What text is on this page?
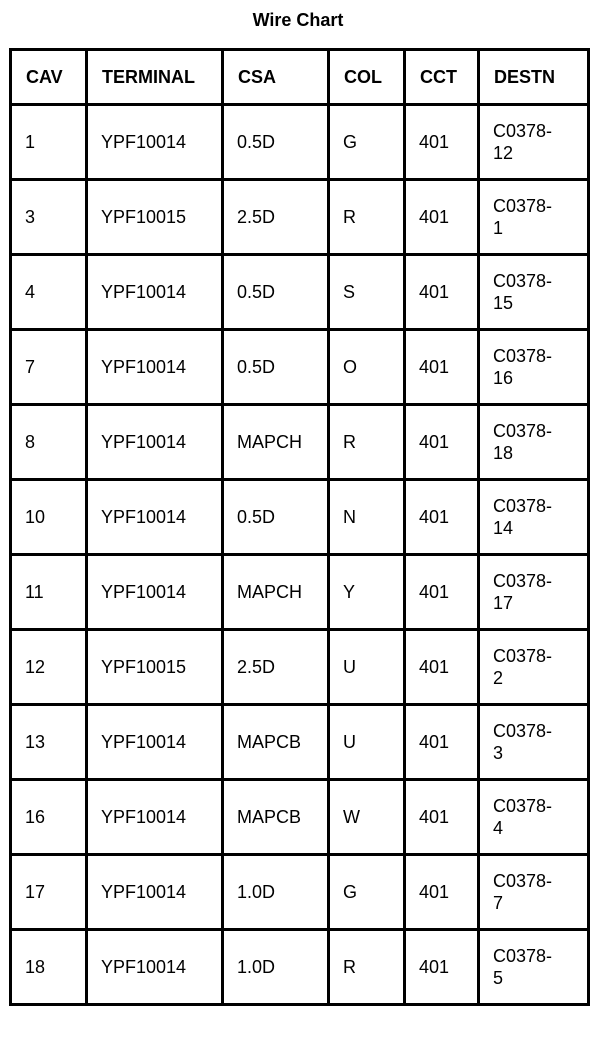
Wire Chart
CAV	TERMINAL	CSA	COL	CCT	DESTN
1	YPF10014	0.5D	G	401	C0378-
12
3	YPF10015	2.5D	R	401	C0378-
1
4	YPF10014	0.5D	S	401	C0378-
15
7	YPF10014	0.5D	O	401	C0378-
16
8	YPF10014	MAPCH	R	401	C0378-
18
10	YPF10014	0.5D	N	401	C0378-
14
11	YPF10014	MAPCH	Y	401	C0378-
17
12	YPF10015	2.5D	U	401	C0378-
2
13	YPF10014	MAPCB	U	401	C0378-
3
16	YPF10014	MAPCB	W	401	C0378-
4
17	YPF10014	1.0D	G	401	C0378-
7
18	YPF10014	1.0D	R	401	C0378-
5
